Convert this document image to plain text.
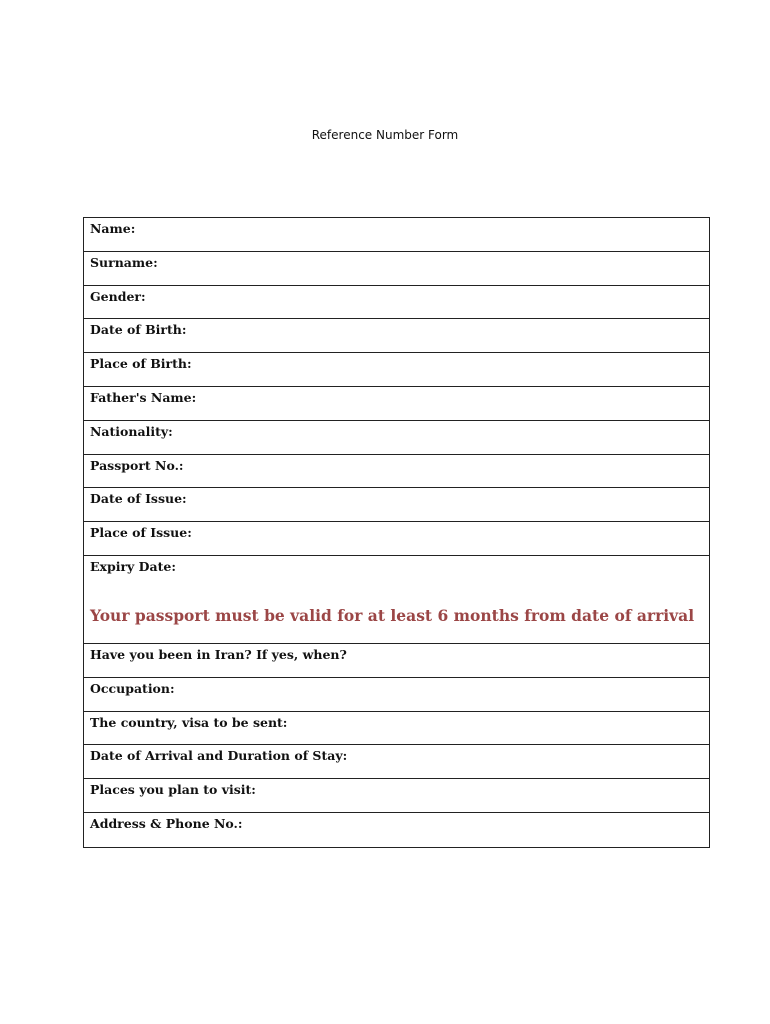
Reference Number Form
Name:
Surname:
Gender:
Date of Birth:
Place of Birth:
Father's Name:
Nationality:
Passport No.:
Date of Issue:
Place of Issue:
Expiry Date:
Your passport must be valid for at least 6 months from date of arrival
Have you been in Iran? If yes, when?
Occupation:
The country, visa to be sent:
Date of Arrival and Duration of Stay:
Places you plan to visit:
Address & Phone No.:
